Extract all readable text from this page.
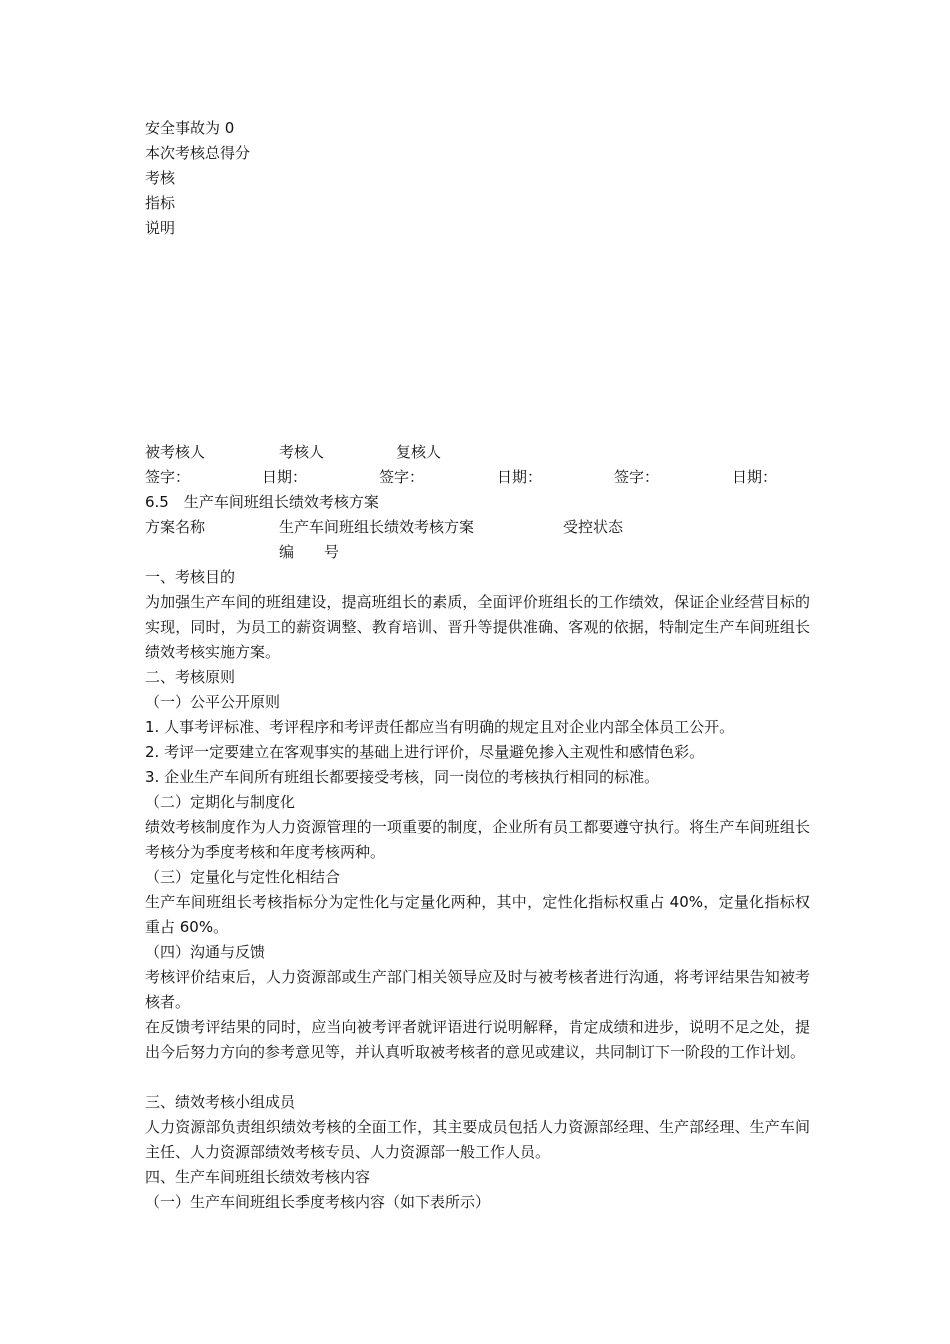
安全事故为 0
本次考核总得分
考核
指标
说明
被考核人	考核人	复核人
签字：	日期：	签字：	日期：	签字：	日期：
6.5　生产车间班组长绩效考核方案
方案名称	生产车间班组长绩效考核方案	受控状态
编　　号
一、考核目的
为加强生产车间的班组建设，提高班组长的素质，全面评价班组长的工作绩效，保证企业经营目标的实现，同时，为员工的薪资调整、教育培训、晋升等提供准确、客观的依据，特制定生产车间班组长绩效考核实施方案。
二、考核原则
（一）公平公开原则
1. 人事考评标准、考评程序和考评责任都应当有明确的规定且对企业内部全体员工公开。
2. 考评一定要建立在客观事实的基础上进行评价，尽量避免掺入主观性和感情色彩。
3. 企业生产车间所有班组长都要接受考核，同一岗位的考核执行相同的标准。
（二）定期化与制度化
绩效考核制度作为人力资源管理的一项重要的制度，企业所有员工都要遵守执行。将生产车间班组长考核分为季度考核和年度考核两种。
（三）定量化与定性化相结合
生产车间班组长考核指标分为定性化与定量化两种，其中，定性化指标权重占 40%，定量化指标权重占 60%。
（四）沟通与反馈
考核评价结束后，人力资源部或生产部门相关领导应及时与被考核者进行沟通，将考评结果告知被考核者。
在反馈考评结果的同时，应当向被考评者就评语进行说明解释，肯定成绩和进步，说明不足之处，提出今后努力方向的参考意见等，并认真听取被考核者的意见或建议，共同制订下一阶段的工作计划。
三、绩效考核小组成员
人力资源部负责组织绩效考核的全面工作，其主要成员包括人力资源部经理、生产部经理、生产车间主任、人力资源部绩效考核专员、人力资源部一般工作人员。
四、生产车间班组长绩效考核内容
（一）生产车间班组长季度考核内容（如下表所示）
